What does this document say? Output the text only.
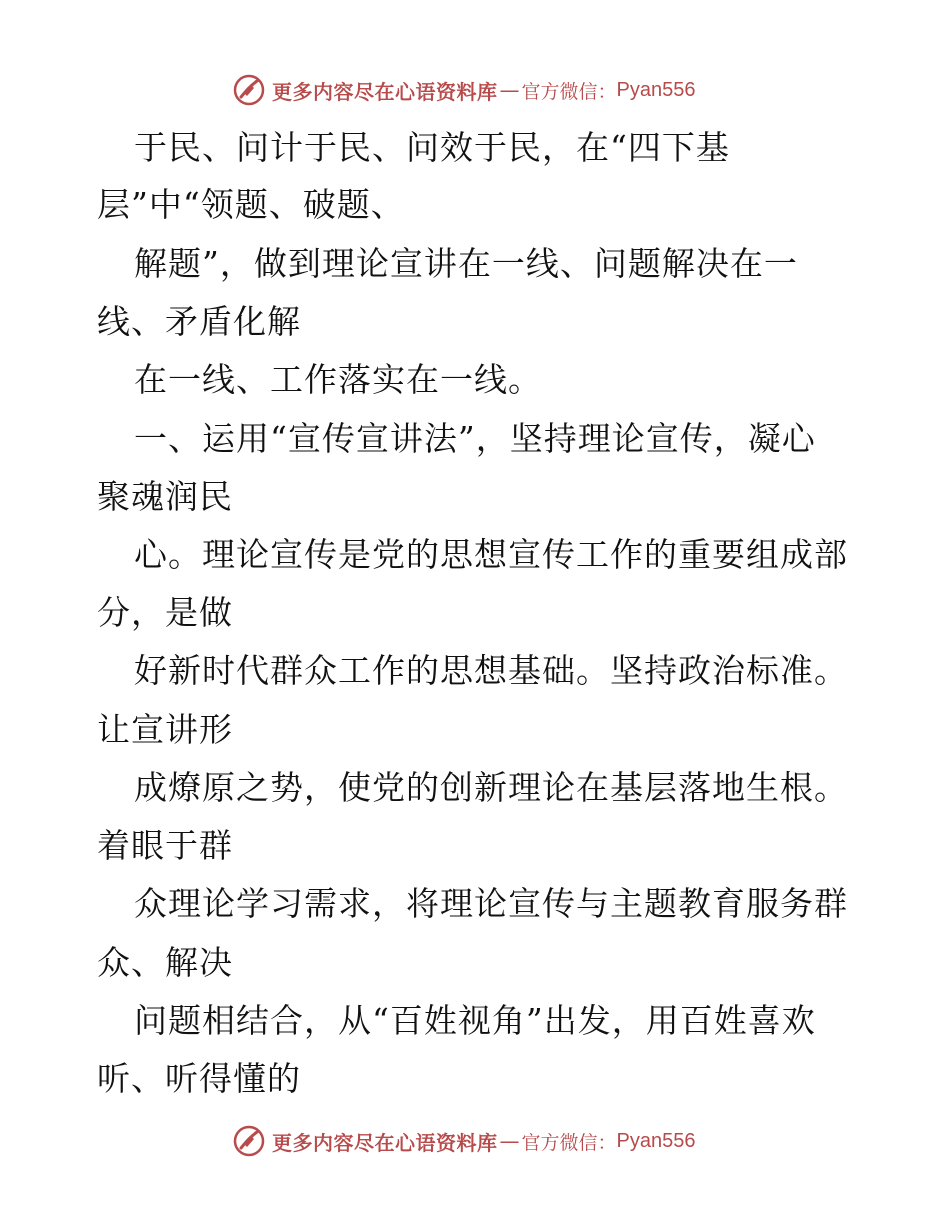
更多内容尽在心语资料库 — 官方微信： Pyan556
于民、问计于民、问效于民，在“四下基
层”中“领题、破题、
解题”，做到理论宣讲在一线、问题解决在一
线、矛盾化解
在一线、工作落实在一线。
一、运用“宣传宣讲法”，坚持理论宣传，凝心
聚魂润民
心。理论宣传是党的思想宣传工作的重要组成部
分，是做
好新时代群众工作的思想基础。坚持政治标准。
让宣讲形
成燎原之势，使党的创新理论在基层落地生根。
着眼于群
众理论学习需求，将理论宣传与主题教育服务群
众、解决
问题相结合，从“百姓视角”出发，用百姓喜欢
听、听得懂的
更多内容尽在心语资料库 — 官方微信： Pyan556
